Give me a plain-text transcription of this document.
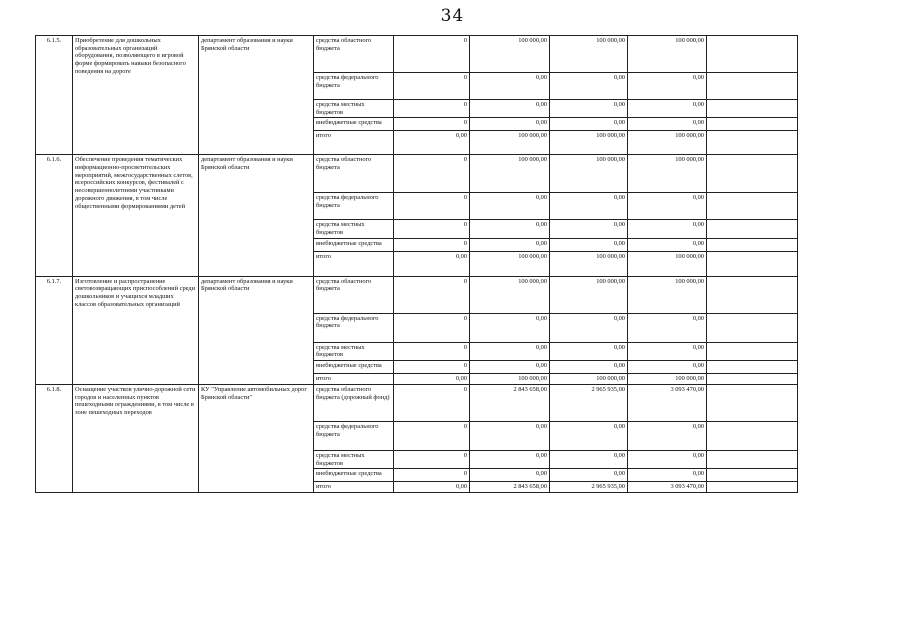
34
6.1.5.	Приобретение для дошкольных образовательных организаций оборудования, позволяющего в игровой форме формировать навыки безопасного поведения на дороге	департамент образования и науки Брянской области	средства областного бюджета	0	100 000,00	100 000,00	100 000,00	
			средства федерального бюджета	0	0,00	0,00	0,00	
			средства местных бюджетов	0	0,00	0,00	0,00	
			внебюджетные средства	0	0,00	0,00	0,00	
			итого	0,00	100 000,00	100 000,00	100 000,00	
6.1.6.	Обеспечение проведения тематических информационно-просветительских мероприятий, межгосударственных слетов, всероссийских конкурсов, фестивалей с несовершеннолетними участниками дорожного движения, в том числе общественными формированиями детей	департамент образования и науки Брянской области	средства областного бюджета	0	100 000,00	100 000,00	100 000,00	
			средства федерального бюджета	0	0,00	0,00	0,00	
			средства местных бюджетов	0	0,00	0,00	0,00	
			внебюджетные средства	0	0,00	0,00	0,00	
			итого	0,00	100 000,00	100 000,00	100 000,00	
6.1.7.	Изготовление и распространение световозвращающих приспособлений среди дошкольников и учащихся младших классов образовательных организаций	департамент образования и науки Брянской области	средства областного бюджета	0	100 000,00	100 000,00	100 000,00	
			средства федерального бюджета	0	0,00	0,00	0,00	
			средства местных бюджетов	0	0,00	0,00	0,00	
			внебюджетные средства	0	0,00	0,00	0,00	
			итого	0,00	100 000,00	100 000,00	100 000,00	
6.1.8.	Оснащение участков улично-дорожной сети городов и населенных пунктов пешеходными ограждениями, в том числе в зоне пешеходных переходов	КУ "Управление автомобильных дорог Брянской области"	средства областного бюджета (дорожный фонд)	0	2 843 658,00	2 965 935,00	3 093 470,00	
			средства федерального бюджета	0	0,00	0,00	0,00	
			средства местных бюджетов	0	0,00	0,00	0,00	
			внебюджетные средства	0	0,00	0,00	0,00	
			итого	0,00	2 843 658,00	2 965 935,00	3 093 470,00	
